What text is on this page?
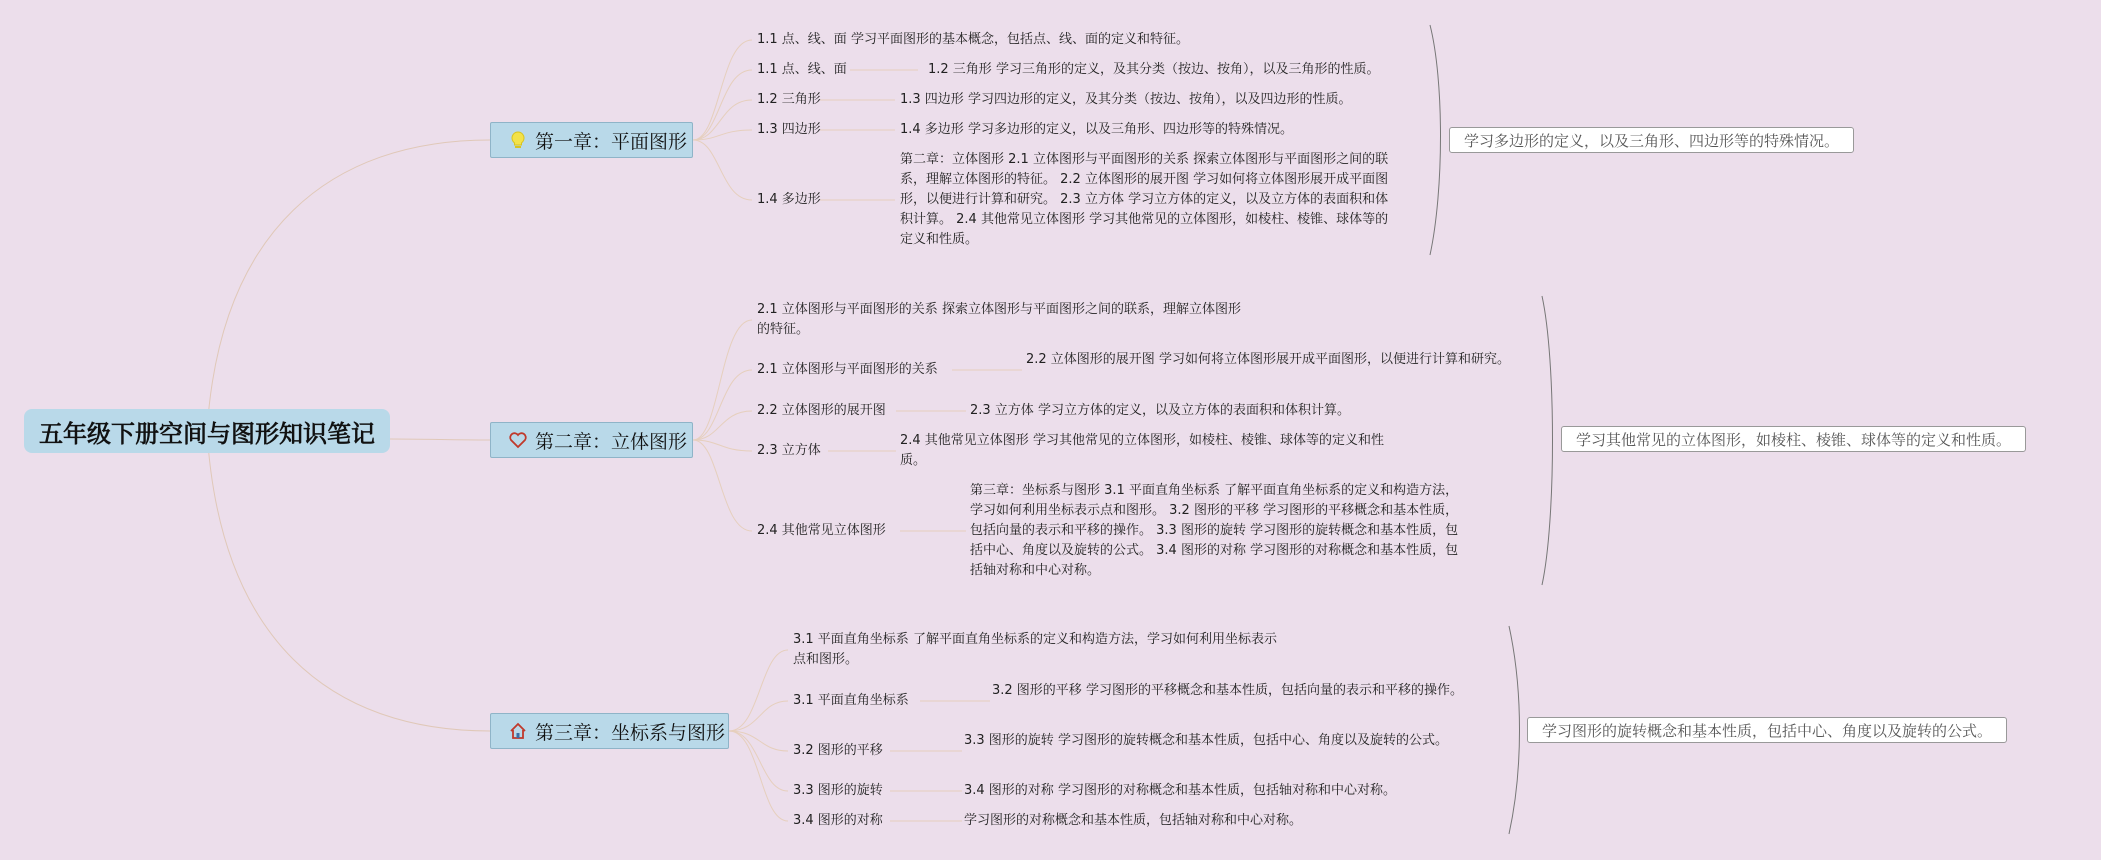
五年级下册空间与图形知识笔记
第一章：平面图形
1.1 点、线、面 学习平面图形的基本概念，包括点、线、面的定义和特征。
1.1 点、线、面	1.2 三角形 学习三角形的定义，及其分类（按边、按角），以及三角形的性质。
1.2 三角形	1.3 四边形 学习四边形的定义，及其分类（按边、按角），以及四边形的性质。
1.3 四边形	1.4 多边形 学习多边形的定义，以及三角形、四边形等的特殊情况。
1.4 多边形
第二章：立体图形 2.1 立体图形与平面图形的关系 探索立体图形与平面图形之间的联系，理解立体图形的特征。 2.2 立体图形的展开图 学习如何将立体图形展开成平面图形，以便进行计算和研究。 2.3 立方体 学习立方体的定义，以及立方体的表面积和体积计算。 2.4 其他常见立体图形 学习其他常见的立体图形，如棱柱、棱锥、球体等的定义和性质。
学习多边形的定义，以及三角形、四边形等的特殊情况。
第二章：立体图形
2.1 立体图形与平面图形的关系 探索立体图形与平面图形之间的联系，理解立体图形的特征。
2.1 立体图形与平面图形的关系
2.2 立体图形的展开图 学习如何将立体图形展开成平面图形，以便进行计算和研究。
2.2 立体图形的展开图	2.3 立方体 学习立方体的定义，以及立方体的表面积和体积计算。
2.3 立方体
2.4 其他常见立体图形 学习其他常见的立体图形，如棱柱、棱锥、球体等的定义和性质。
2.4 其他常见立体图形
第三章：坐标系与图形 3.1 平面直角坐标系 了解平面直角坐标系的定义和构造方法，学习如何利用坐标表示点和图形。 3.2 图形的平移 学习图形的平移概念和基本性质，包括向量的表示和平移的操作。 3.3 图形的旋转 学习图形的旋转概念和基本性质，包括中心、角度以及旋转的公式。 3.4 图形的对称 学习图形的对称概念和基本性质，包括轴对称和中心对称。
学习其他常见的立体图形，如棱柱、棱锥、球体等的定义和性质。
第三章：坐标系与图形
3.1 平面直角坐标系 了解平面直角坐标系的定义和构造方法，学习如何利用坐标表示点和图形。
3.1 平面直角坐标系
3.2 图形的平移 学习图形的平移概念和基本性质，包括向量的表示和平移的操作。
3.2 图形的平移
3.3 图形的旋转 学习图形的旋转概念和基本性质，包括中心、角度以及旋转的公式。
3.3 图形的旋转	3.4 图形的对称 学习图形的对称概念和基本性质，包括轴对称和中心对称。
3.4 图形的对称	学习图形的对称概念和基本性质，包括轴对称和中心对称。
学习图形的旋转概念和基本性质，包括中心、角度以及旋转的公式。
